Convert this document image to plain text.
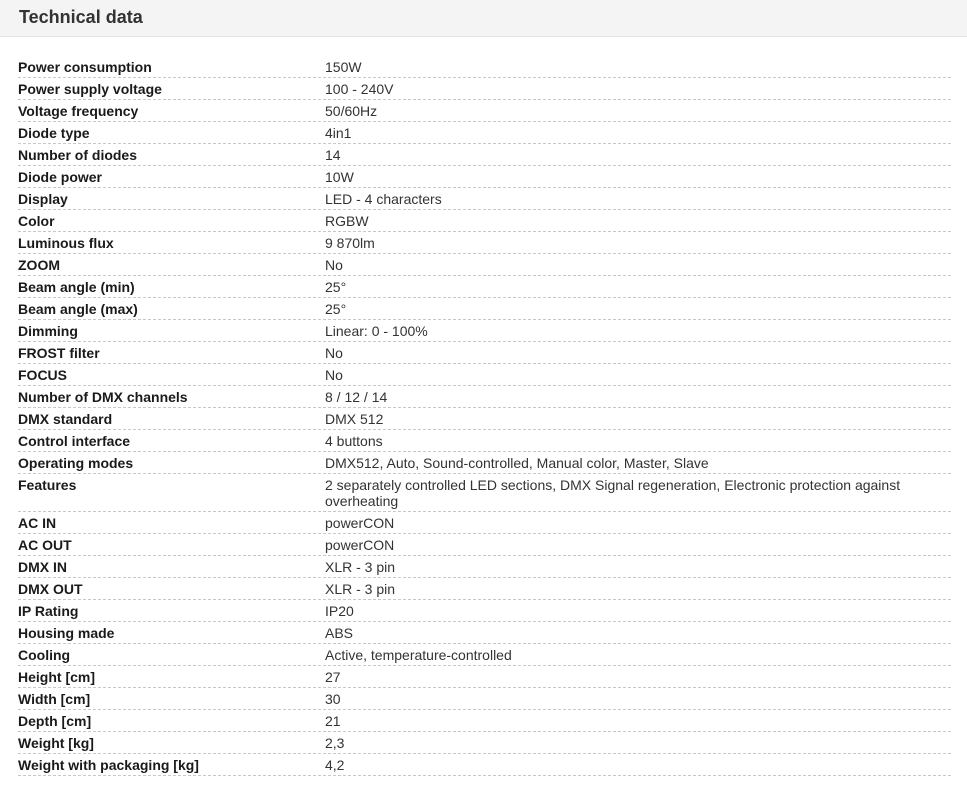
Technical data
Power consumption	150W
Power supply voltage	100 - 240V
Voltage frequency	50/60Hz
Diode type	4in1
Number of diodes	14
Diode power	10W
Display	LED - 4 characters
Color	RGBW
Luminous flux	9 870lm
ZOOM	No
Beam angle (min)	25°
Beam angle (max)	25°
Dimming	Linear: 0 - 100%
FROST filter	No
FOCUS	No
Number of DMX channels	8 / 12 / 14
DMX standard	DMX 512
Control interface	4 buttons
Operating modes	DMX512, Auto, Sound-controlled, Manual color, Master, Slave
Features	2 separately controlled LED sections, DMX Signal regeneration, Electronic protection against overheating
AC IN	powerCON
AC OUT	powerCON
DMX IN	XLR - 3 pin
DMX OUT	XLR - 3 pin
IP Rating	IP20
Housing made	ABS
Cooling	Active, temperature-controlled
Height [cm]	27
Width [cm]	30
Depth [cm]	21
Weight [kg]	2,3
Weight with packaging [kg]	4,2
